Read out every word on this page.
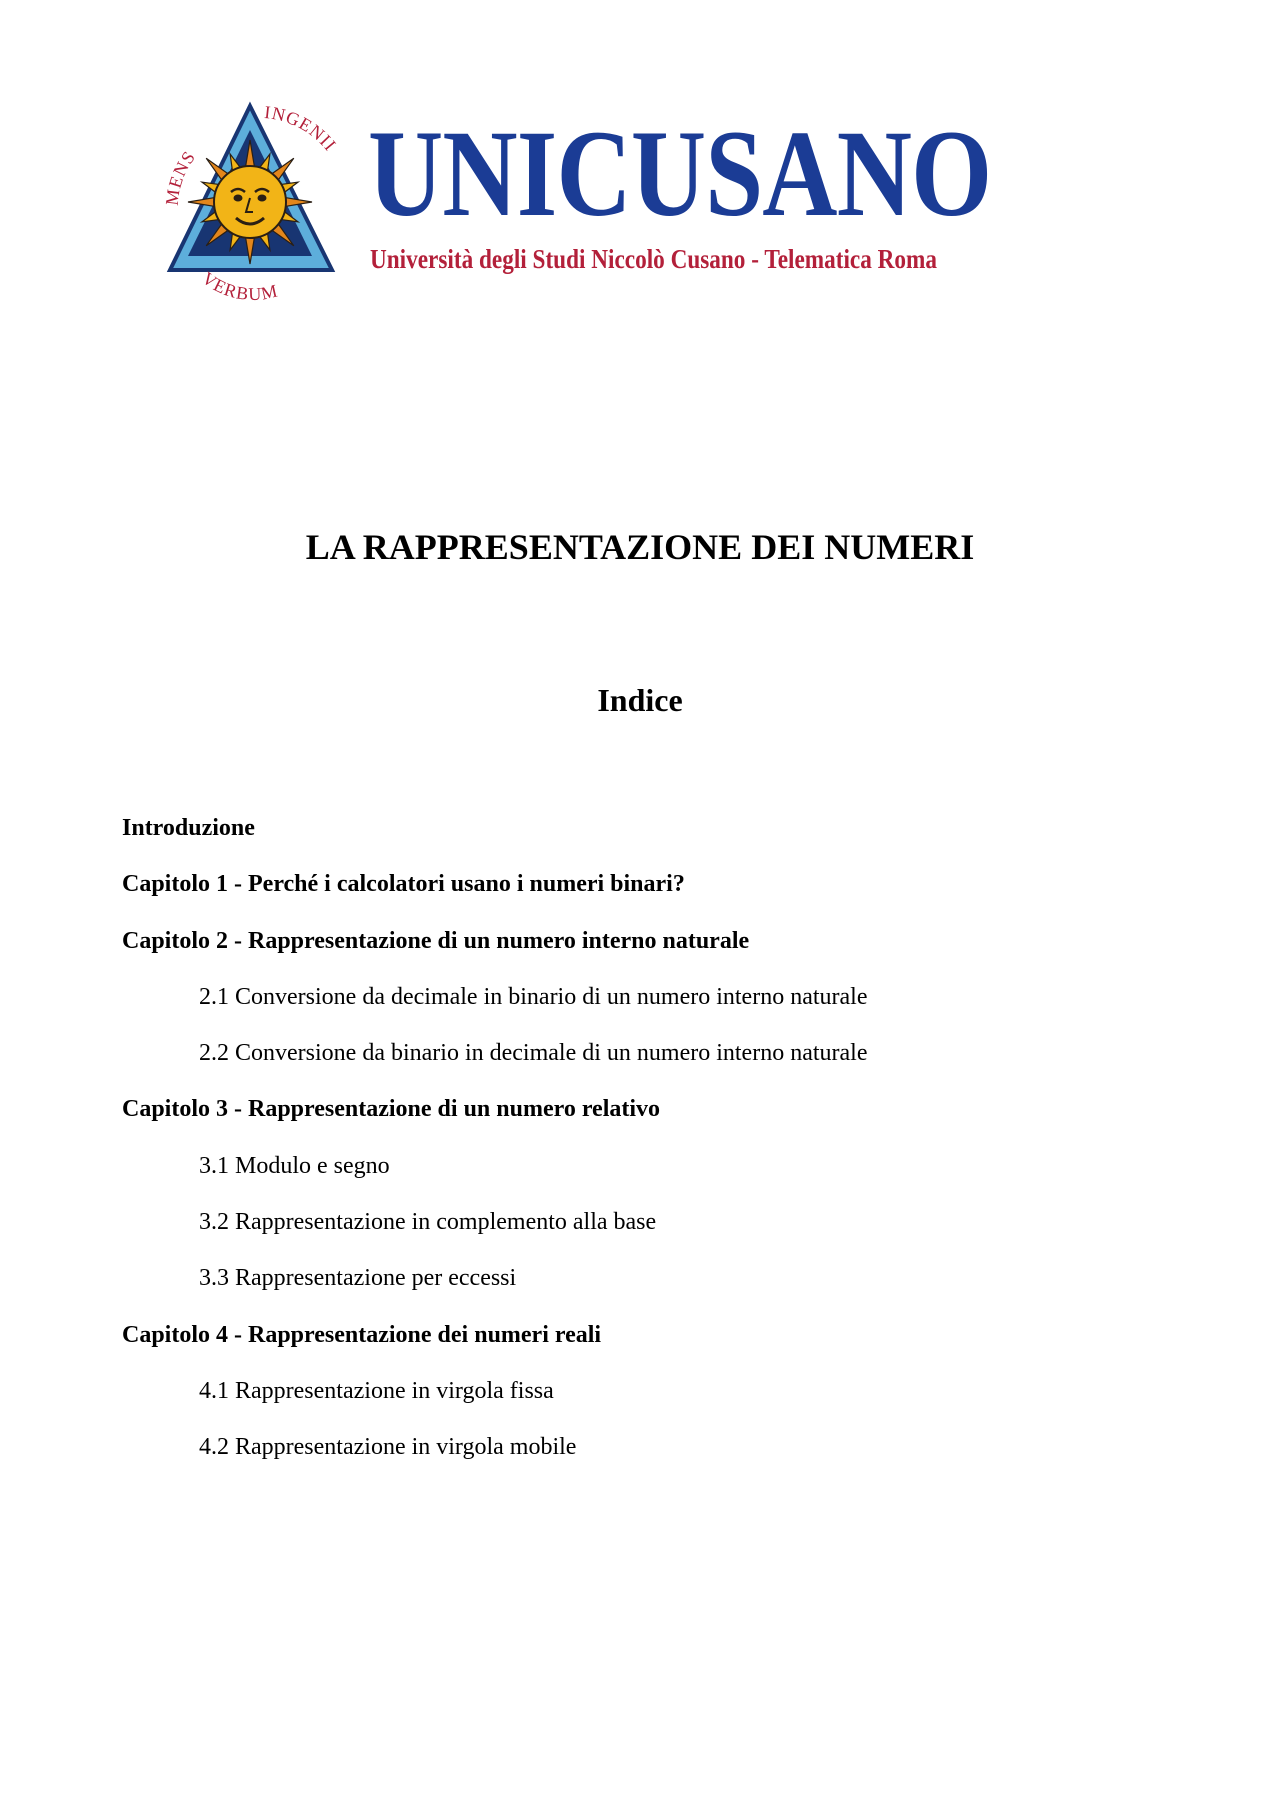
MENS
INGENII
VERBUM
UNICUSANO
Università degli Studi Niccolò Cusano - Telematica Roma
LA RAPPRESENTAZIONE DEI NUMERI
Indice
Introduzione
Capitolo 1 - Perché i calcolatori usano i numeri binari?
Capitolo 2 - Rappresentazione di un numero interno naturale
2.1 Conversione da decimale in binario di un numero interno naturale
2.2 Conversione da binario in decimale di un numero interno naturale
Capitolo 3 - Rappresentazione di un numero relativo
3.1 Modulo e segno
3.2 Rappresentazione in complemento alla base
3.3 Rappresentazione per eccessi
Capitolo 4 - Rappresentazione dei numeri reali
4.1 Rappresentazione in virgola fissa
4.2 Rappresentazione in virgola mobile
